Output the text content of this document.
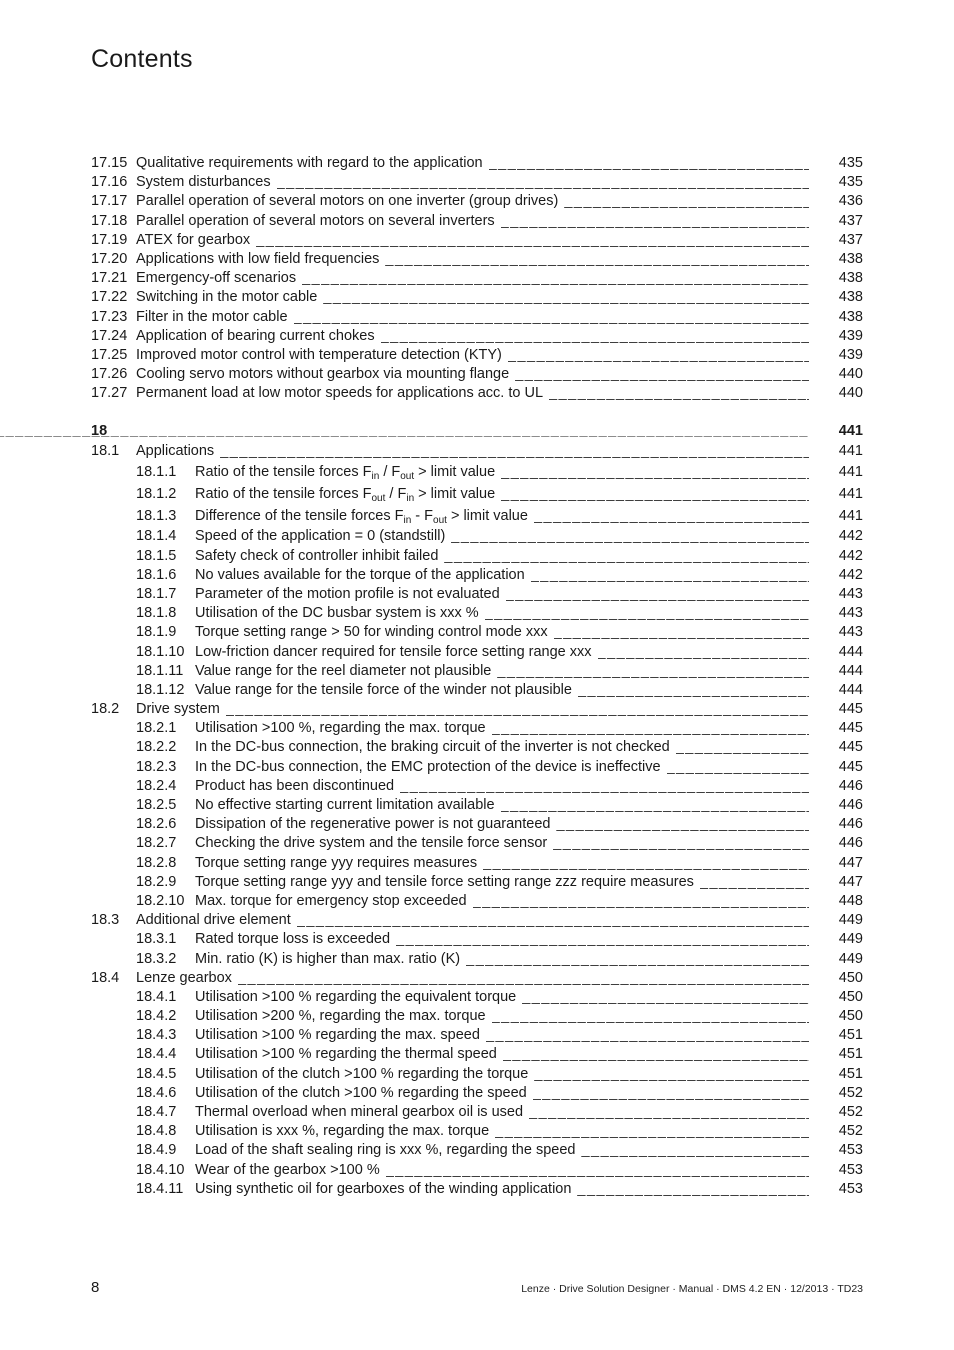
Contents
_____
17.15 Qualitative requirements with regard to the application _____	435
17.16 System disturbances _____	435
17.17 Parallel operation of several motors on one inverter (group drives) _____	436
17.18 Parallel operation of several motors on several inverters _____	437
17.19 ATEX for gearbox _____	437
17.20 Applications with low field frequencies _____	438
17.21 Emergency-off scenarios _____	438
17.22 Switching in the motor cable _____	438
17.23 Filter in the motor cable _____	438
17.24 Application of bearing current chokes _____	439
17.25 Improved motor control with temperature detection (KTY) _____	439
17.26 Cooling servo motors without gearbox via mounting flange _____	440
17.27 Permanent load at low motor speeds for applications acc. to UL _____	440
18 _____	441
18.1 Applications _____	441
18.1.1 Ratio of the tensile forces $F_{in} / F_{out}$ > limit value _____	441
18.1.2 Ratio of the tensile forces $F_{out} / F_{in}$ > limit value _____	441
18.1.3 Difference of the tensile forces $F_{in} - F_{out}$ > limit value _____	441
18.1.4 Speed of the application = 0 (standstill) _____	442
18.1.5 Safety check of controller inhibit failed _____	442
18.1.6 No values available for the torque of the application _____	442
18.1.7 Parameter of the motion profile is not evaluated _____	443
18.1.8 Utilisation of the DC busbar system is xxx % _____	443
18.1.9 Torque setting range > 50 for winding control mode xxx _____	443
18.1.10 Low-friction dancer required for tensile force setting range xxx _____	444
18.1.11 Value range for the reel diameter not plausible _____	444
18.1.12 Value range for the tensile force of the winder not plausible _____	444
18.2 Drive system _____	445
18.2.1 Utilisation >100 %, regarding the max. torque _____	445
18.2.2 In the DC-bus connection, the braking circuit of the inverter is not checked _____	445
18.2.3 In the DC-bus connection, the EMC protection of the device is ineffective _____	445
18.2.4 Product has been discontinued _____	446
18.2.5 No effective starting current limitation available _____	446
18.2.6 Dissipation of the regenerative power is not guaranteed _____	446
18.2.7 Checking the drive system and the tensile force sensor _____	446
18.2.8 Torque setting range yyy requires measures _____	447
18.2.9 Torque setting range yyy and tensile force setting range zzz require measures _____	447
18.2.10 Max. torque for emergency stop exceeded _____	448
18.3 Additional drive element _____	449
18.3.1 Rated torque loss is exceeded _____	449
18.3.2 Min. ratio (K) is higher than max. ratio (K) _____	449
18.4 Lenze gearbox _____	450
18.4.1 Utilisation >100 % regarding the equivalent torque _____	450
18.4.2 Utilisation >200 %, regarding the max. torque _____	450
18.4.3 Utilisation >100 % regarding the max. speed _____	451
18.4.4 Utilisation >100 % regarding the thermal speed _____	451
18.4.5 Utilisation of the clutch >100 % regarding the torque _____	451
18.4.6 Utilisation of the clutch >100 % regarding the speed _____	452
18.4.7 Thermal overload when mineral gearbox oil is used _____	452
18.4.8 Utilisation is xxx %, regarding the max. torque _____	452
18.4.9 Load of the shaft sealing ring is xxx %, regarding the speed _____	453
18.4.10 Wear of the gearbox >100 % _____	453
18.4.11 Using synthetic oil for gearboxes of the winding application _____	453
8	Lenze · Drive Solution Designer · Manual · DMS 4.2 EN · 12/2013 · TD23
